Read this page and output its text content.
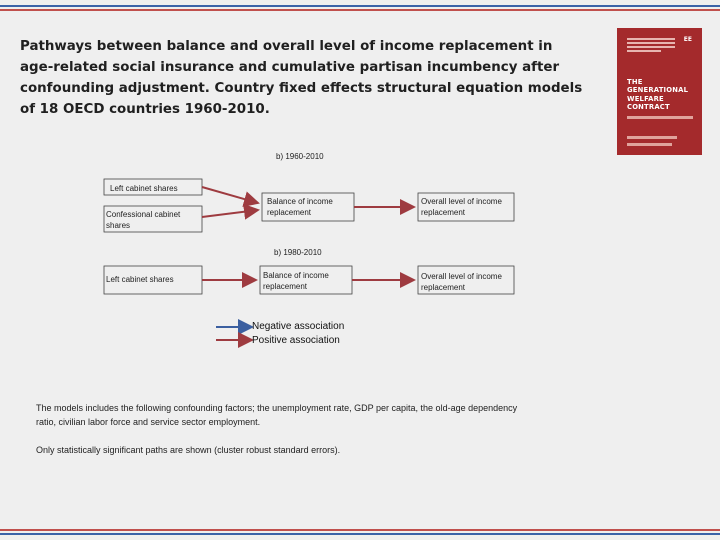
Pathways between balance and overall level of income replacement in age-related social insurance and cumulative partisan incumbency after confounding adjustment. Country fixed effects structural equation models of 18 OECD countries 1960-2010.
EE
THE
GENERATIONAL
WELFARE
CONTRACT
b) 1960-2010
Left cabinet shares
Confessional cabinet shares
Balance of income replacement
Overall level of income replacement
b) 1980-2010
Left cabinet shares	Balance of income replacement
Overall level of income replacement
Negative association
Positive association
The models includes the following confounding factors; the unemployment rate, GDP per capita, the old-age dependency ratio, civilian labor force and service sector employment.
Only statistically significant paths are shown (cluster robust standard errors).
